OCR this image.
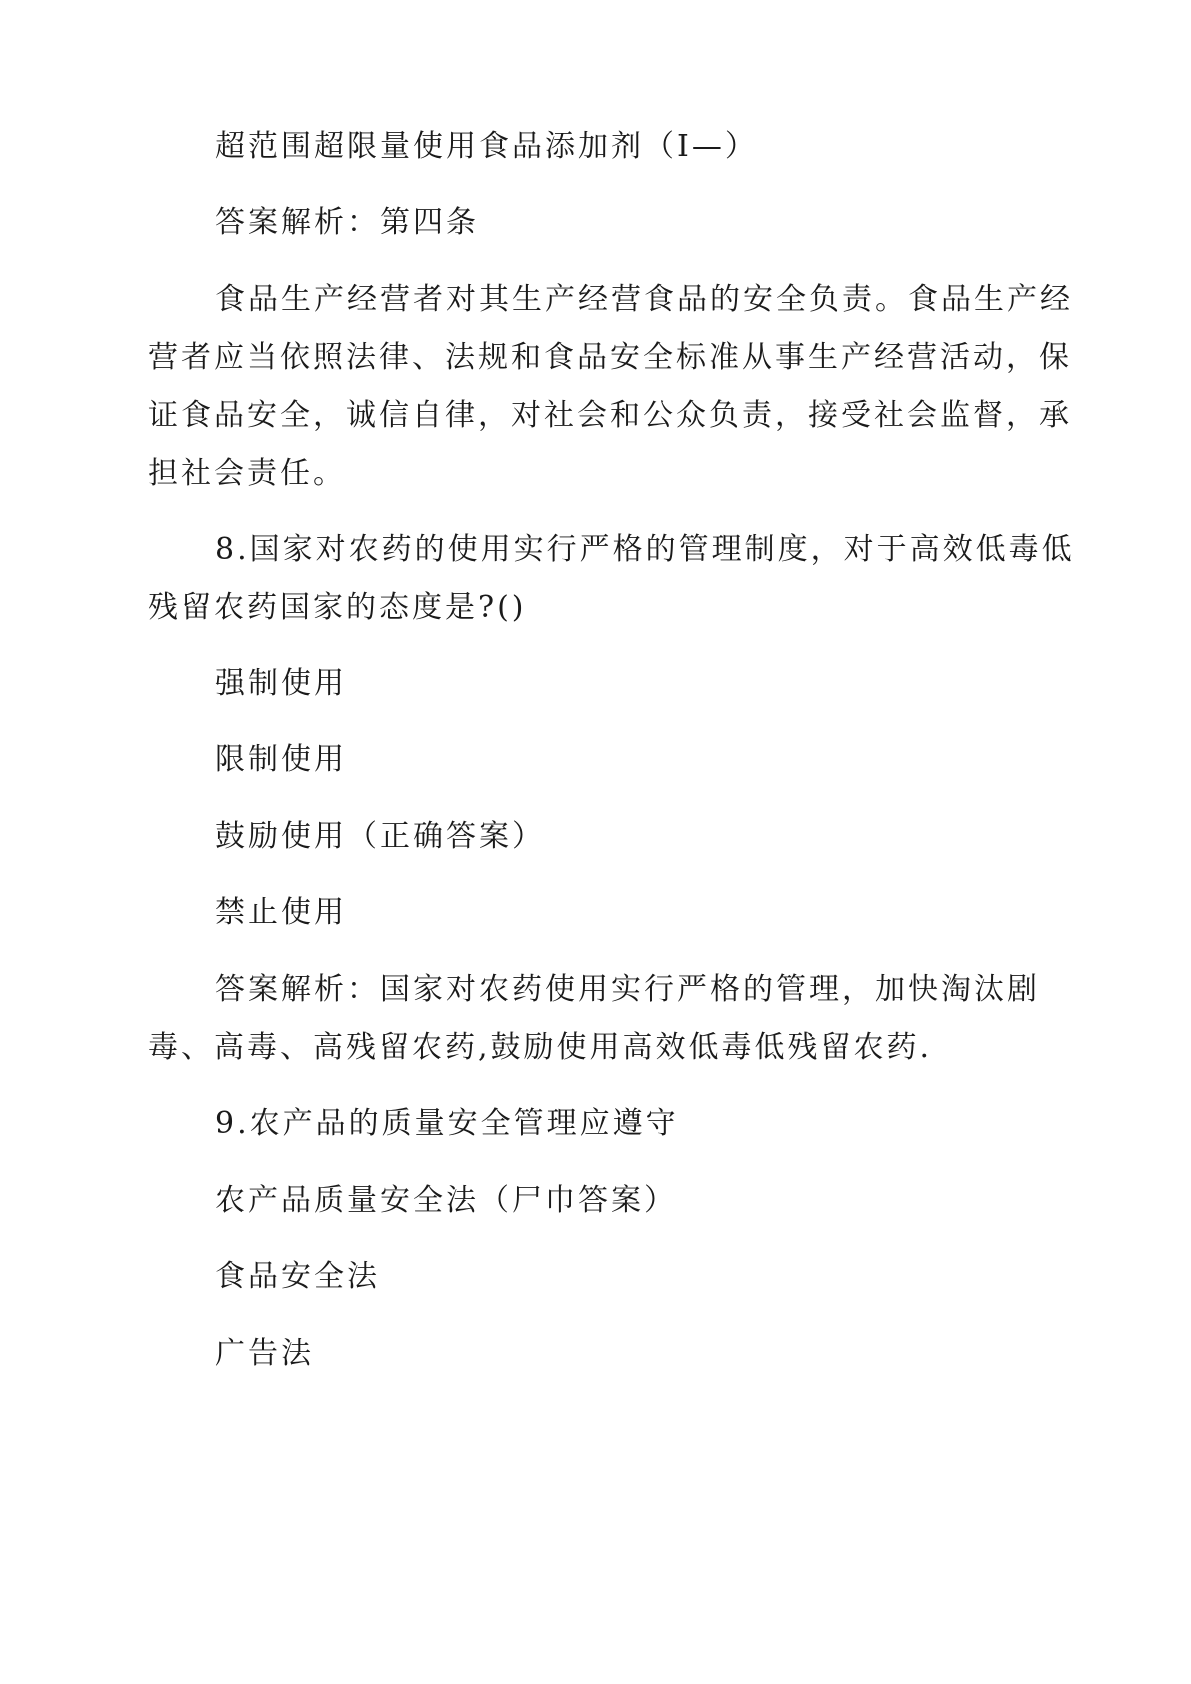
超范围超限量使用食品添加剂（I—）
答案解析：第四条
食品生产经营者对其生产经营食品的安全负责。食品生产经
营者应当依照法律、法规和食品安全标准从事生产经营活动，保
证食品安全，诚信自律，对社会和公众负责，接受社会监督，承
担社会责任。
8.国家对农药的使用实行严格的管理制度，对于高效低毒低
残留农药国家的态度是?()
强制使用
限制使用
鼓励使用（正确答案）
禁止使用
答案解析：国家对农药使用实行严格的管理，加快淘汰剧
毒、高毒、高残留农药,鼓励使用高效低毒低残留农药.
9.农产品的质量安全管理应遵守
农产品质量安全法（尸巾答案）
食品安全法
广告法
